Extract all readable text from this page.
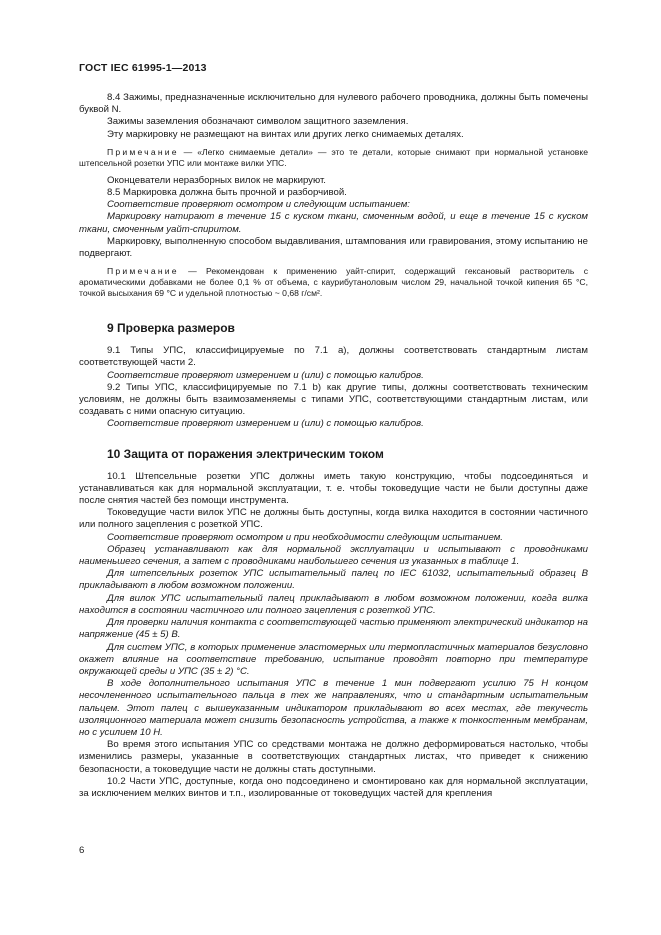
ГОСТ IEC 61995-1—2013

8.4 Зажимы, предназначенные исключительно для нулевого рабочего проводника, должны быть помечены буквой N.

Зажимы заземления обозначают символом защитного заземления.

Эту маркировку не размещают на винтах или других легко снимаемых деталях.

Примечание — «Легко снимаемые детали» — это те детали, которые снимают при нормальной установке штепсельной розетки УПС или монтаже вилки УПС.

Оконцеватели неразборных вилок не маркируют.

8.5 Маркировка должна быть прочной и разборчивой.

Соответствие проверяют осмотром и следующим испытанием:

Маркировку натирают в течение 15 с куском ткани, смоченным водой, и еще в течение 15 с куском ткани, смоченным уайт-спиритом.

Маркировку, выполненную способом выдавливания, штампования или гравирования, этому испытанию не подвергают.

Примечание — Рекомендован к применению уайт-спирит, содержащий гексановый растворитель с ароматическими добавками не более 0,1 % от объема, с каурибутаноловым числом 29, начальной точкой кипения 65 °С, точкой высыхания 69 °С и удельной плотностью ~ 0,68 г/см².

9 Проверка размеров

9.1 Типы УПС, классифицируемые по 7.1 а), должны соответствовать стандартным листам соответствующей части 2.

Соответствие проверяют измерением и (или) с помощью калибров.

9.2 Типы УПС, классифицируемые по 7.1 b) как другие типы, должны соответствовать техническим условиям, не должны быть взаимозаменяемы с типами УПС, соответствующими стандартным листам, или создавать с ними опасную ситуацию.

Соответствие проверяют измерением и (или) с помощью калибров.

10 Защита от поражения электрическим током

10.1 Штепсельные розетки УПС должны иметь такую конструкцию, чтобы подсоединяться и устанавливаться как для нормальной эксплуатации, т. е. чтобы токоведущие части не были доступны даже после снятия частей без помощи инструмента.

Токоведущие части вилок УПС не должны быть доступны, когда вилка находится в состоянии частичного или полного зацепления с розеткой УПС.

Соответствие проверяют осмотром и при необходимости следующим испытанием.

Образец устанавливают как для нормальной эксплуатации и испытывают с проводниками наименьшего сечения, а затем с проводниками наибольшего сечения из указанных в таблице 1.

Для штепсельных розеток УПС испытательный палец по IEC 61032, испытательный образец В прикладывают в любом возможном положении.

Для вилок УПС испытательный палец прикладывают в любом возможном положении, когда вилка находится в состоянии частичного или полного зацепления с розеткой УПС.

Для проверки наличия контакта с соответствующей частью применяют электрический индикатор на напряжение (45 ± 5) В.

Для систем УПС, в которых применение эластомерных или термопластичных материалов безусловно окажет влияние на соответствие требованию, испытание проводят повторно при температуре окружающей среды и УПС (35 ± 2) °С.

В ходе дополнительного испытания УПС в течение 1 мин подвергают усилию 75 Н концом несочлененного испытательного пальца в тех же направлениях, что и стандартным испытательным пальцем. Этот палец с вышеуказанным индикатором прикладывают во всех местах, где текучесть изоляционного материала может снизить безопасность устройства, а также к тонкостенным мембранам, но с усилием 10 Н.

Во время этого испытания УПС со средствами монтажа не должно деформироваться настолько, чтобы изменились размеры, указанные в соответствующих стандартных листах, что приведет к снижению безопасности, а токоведущие части не должны стать доступными.

10.2 Части УПС, доступные, когда оно подсоединено и смонтировано как для нормальной эксплуатации, за исключением мелких винтов и т.п., изолированные от токоведущих частей для крепления

6
